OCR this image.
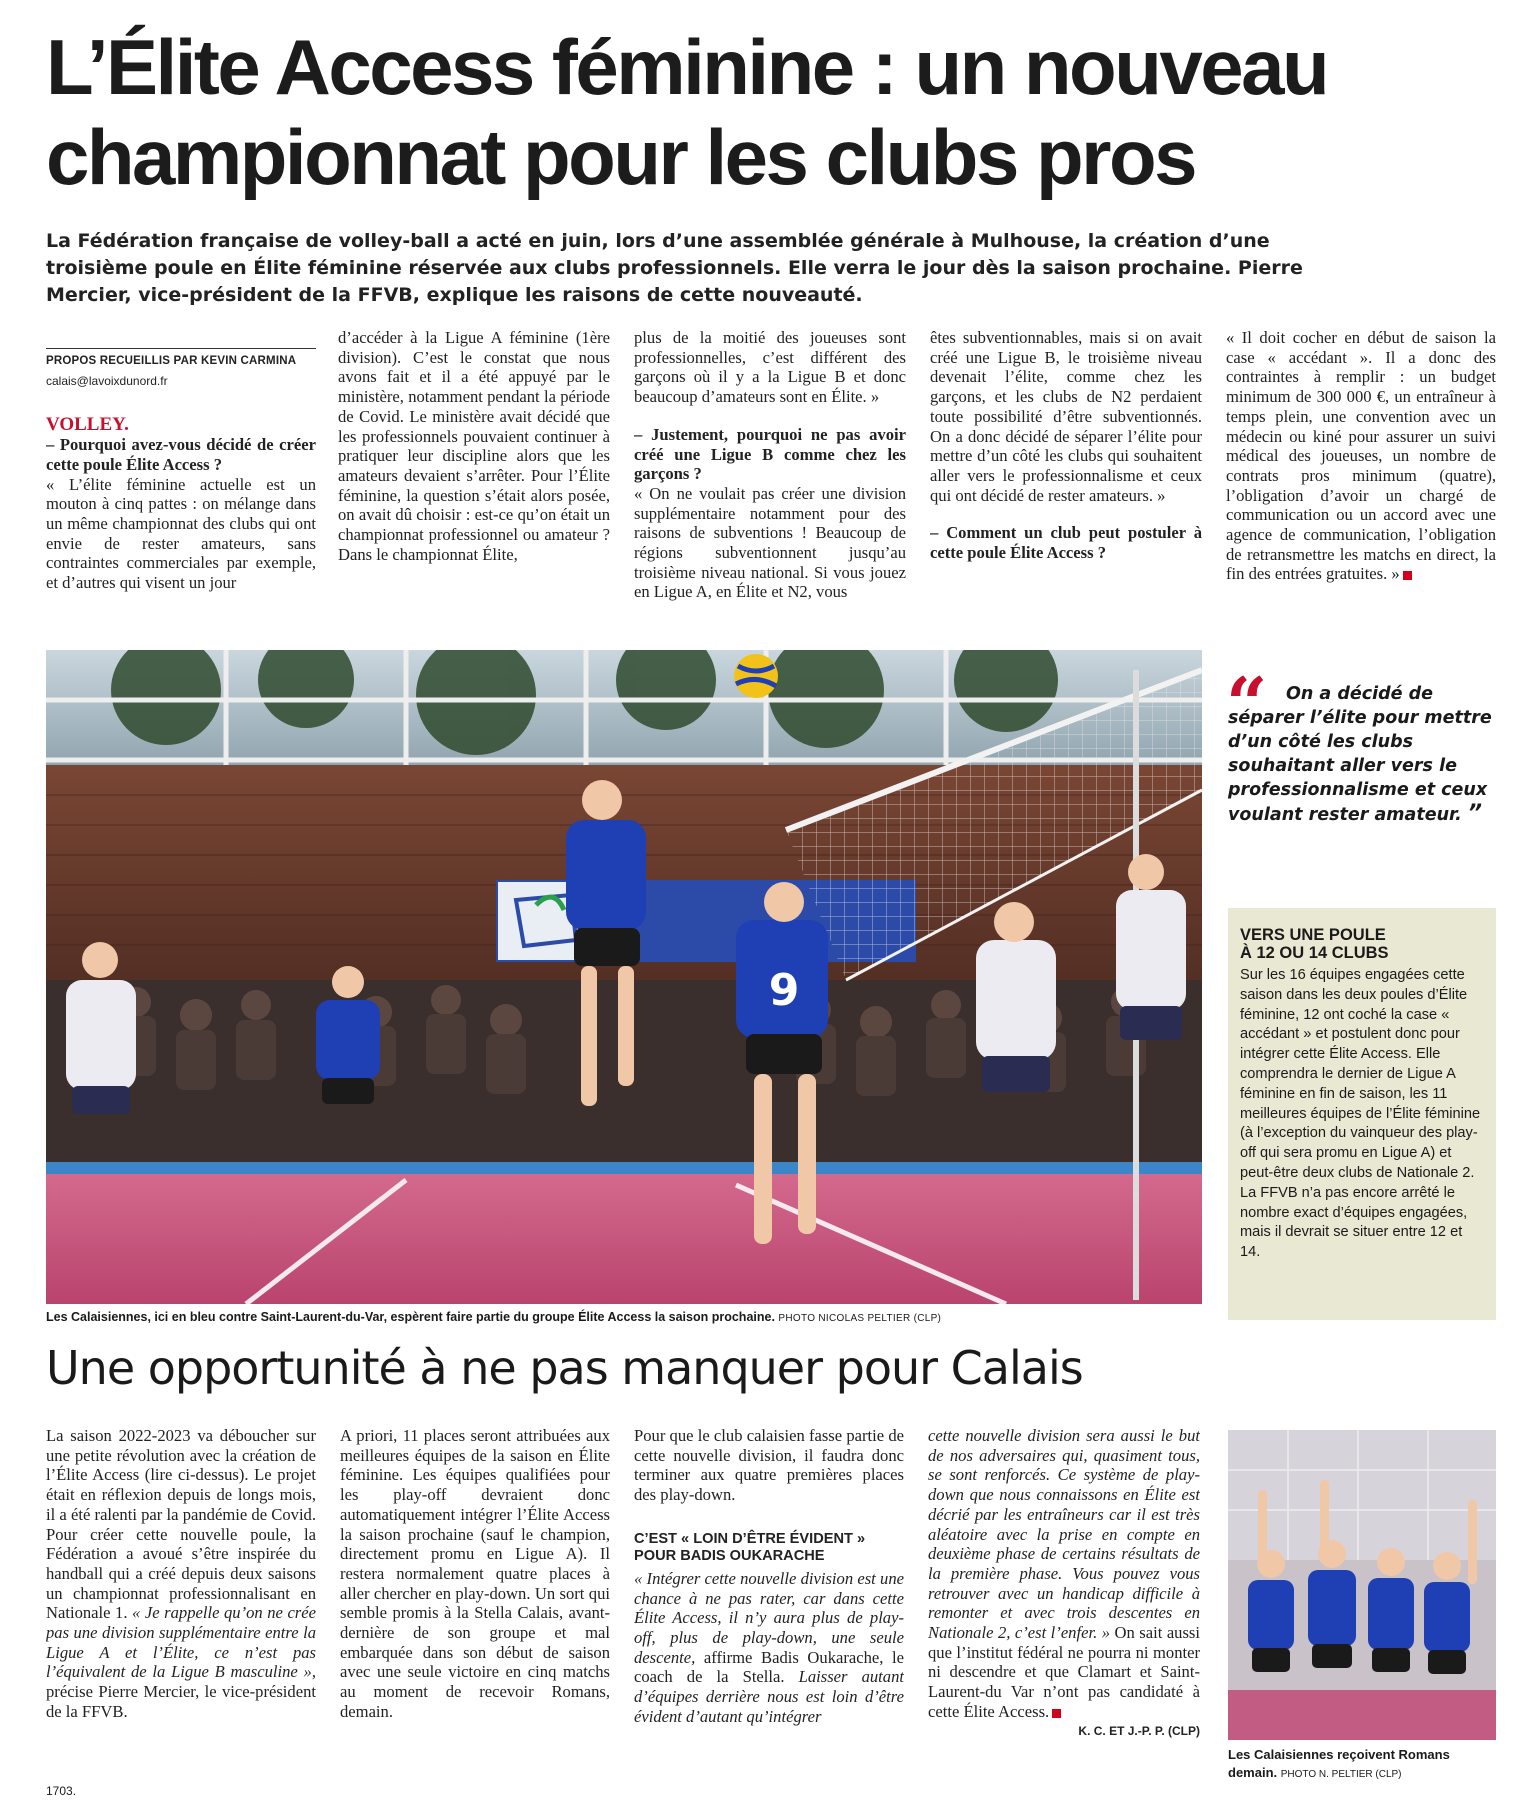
L’Élite Access féminine : un nouveau championnat pour les clubs pros

La Fédération française de volley-ball a acté en juin, lors d’une assemblée générale à Mulhouse, la création d’une troisième poule en Élite féminine réservée aux clubs professionnels. Elle verra le jour dès la saison prochaine. Pierre Mercier, vice-président de la FFVB, explique les raisons de cette nouveauté.

PROPOS RECUEILLIS PAR KEVIN CARMINA
calais@lavoixdunord.fr
VOLLEY.

– Pourquoi avez-vous décidé de créer cette poule Élite Access ?

« L’élite féminine actuelle est un mouton à cinq pattes : on mélange dans un même championnat des clubs qui ont envie de rester amateurs, sans contraintes commerciales par exemple, et d’autres qui visent un jour

d’accéder à la Ligue A féminine (1ère division). C’est le constat que nous avons fait et il a été appuyé par le ministère, notamment pendant la période de Covid. Le ministère avait décidé que les professionnels pouvaient continuer à pratiquer leur discipline alors que les amateurs devaient s’arrêter. Pour l’Élite féminine, la question s’était alors posée, on avait dû choisir : est-ce qu’on était un championnat professionnel ou amateur ? Dans le championnat Élite,

plus de la moitié des joueuses sont professionnelles, c’est différent des garçons où il y a la Ligue B et donc beaucoup d’amateurs sont en Élite. »

– Justement, pourquoi ne pas avoir créé une Ligue B comme chez les garçons ?

« On ne voulait pas créer une division supplémentaire notamment pour des raisons de subventions ! Beaucoup de régions subventionnent jusqu’au troisième niveau national. Si vous jouez en Ligue A, en Élite et N2, vous

êtes subventionnables, mais si on avait créé une Ligue B, le troisième niveau devenait l’élite, comme chez les garçons, et les clubs de N2 perdaient toute possibilité d’être subventionnés. On a donc décidé de séparer l’élite pour mettre d’un côté les clubs qui souhaitent aller vers le professionnalisme et ceux qui ont décidé de rester amateurs. »

– Comment un club peut postuler à cette poule Élite Access ?

« Il doit cocher en début de saison la case « accédant ». Il a donc des contraintes à remplir : un budget minimum de 300 000 €, un entraîneur à temps plein, une convention avec un médecin ou kiné pour assurer un suivi médical des joueuses, un nombre de contrats pros minimum (quatre), l’obligation d’avoir un chargé de communication ou un accord avec une agence de communication, l’obligation de retransmettre les matchs en direct, la fin des entrées gratuites. »

9
Les Calaisiennes, ici en bleu contre Saint-Laurent-du-Var, espèrent faire partie du groupe Élite Access la saison prochaine. PHOTO NICOLAS PELTIER (CLP)
“	On a décidé de séparer l’élite pour mettre d’un côté les clubs souhaitant aller vers le professionnalisme et ceux voulant rester amateur. ”
VERS UNE POULE
À 12 OU 14 CLUBS
Sur les 16 équipes engagées cette saison dans les deux poules d’Élite féminine, 12 ont coché la case « accédant » et postulent donc pour intégrer cette Élite Access. Elle comprendra le dernier de Ligue A féminine en fin de saison, les 11 meilleures équipes de l’Élite féminine (à l’exception du vainqueur des play-off qui sera promu en Ligue A) et peut-être deux clubs de Nationale 2. La FFVB n’a pas encore arrêté le nombre exact d’équipes engagées, mais il devrait se situer entre 12 et 14.
Une opportunité à ne pas manquer pour Calais

La saison 2022-2023 va déboucher sur une petite révolution avec la création de l’Élite Access (lire ci-dessus). Le projet était en réflexion depuis de longs mois, il a été ralenti par la pandémie de Covid. Pour créer cette nouvelle poule, la Fédération a avoué s’être inspirée du handball qui a créé depuis deux saisons un championnat professionnalisant en Nationale 1. « Je rappelle qu’on ne crée pas une division supplémentaire entre la Ligue A et l’Élite, ce n’est pas l’équivalent de la Ligue B masculine », précise Pierre Mercier, le vice-président de la FFVB.

A priori, 11 places seront attribuées aux meilleures équipes de la saison en Élite féminine. Les équipes qualifiées pour les play-off devraient donc automatiquement intégrer l’Élite Access la saison prochaine (sauf le champion, directement promu en Ligue A). Il restera normalement quatre places à aller chercher en play-down. Un sort qui semble promis à la Stella Calais, avant-dernière de son groupe et mal embarquée dans son début de saison avec une seule victoire en cinq matchs au moment de recevoir Romans, demain.

Pour que le club calaisien fasse partie de cette nouvelle division, il faudra donc terminer aux quatre premières places des play-down.

C’EST « LOIN D’ÊTRE ÉVIDENT »
POUR BADIS OUKARACHE

« Intégrer cette nouvelle division est une chance à ne pas rater, car dans cette Élite Access, il n’y aura plus de play-off, plus de play-down, une seule descente, affirme Badis Oukarache, le coach de la Stella. Laisser autant d’équipes derrière nous est loin d’être évident d’autant qu’intégrer

cette nouvelle division sera aussi le but de nos adversaires qui, quasiment tous, se sont renforcés. Ce système de play-down que nous connaissons en Élite est décrié par les entraîneurs car il est très aléatoire avec la prise en compte en deuxième phase de certains résultats de la première phase. Vous pouvez vous retrouver avec un handicap difficile à remonter et avec trois descentes en Nationale 2, c’est l’enfer. » On sait aussi que l’institut fédéral ne pourra ni monter ni descendre et que Clamart et Saint-Laurent-du Var n’ont pas candidaté à cette Élite Access.

K. C. ET J.-P. P. (CLP)
Les Calaisiennes reçoivent Romans demain. PHOTO N. PELTIER (CLP)
1703.
